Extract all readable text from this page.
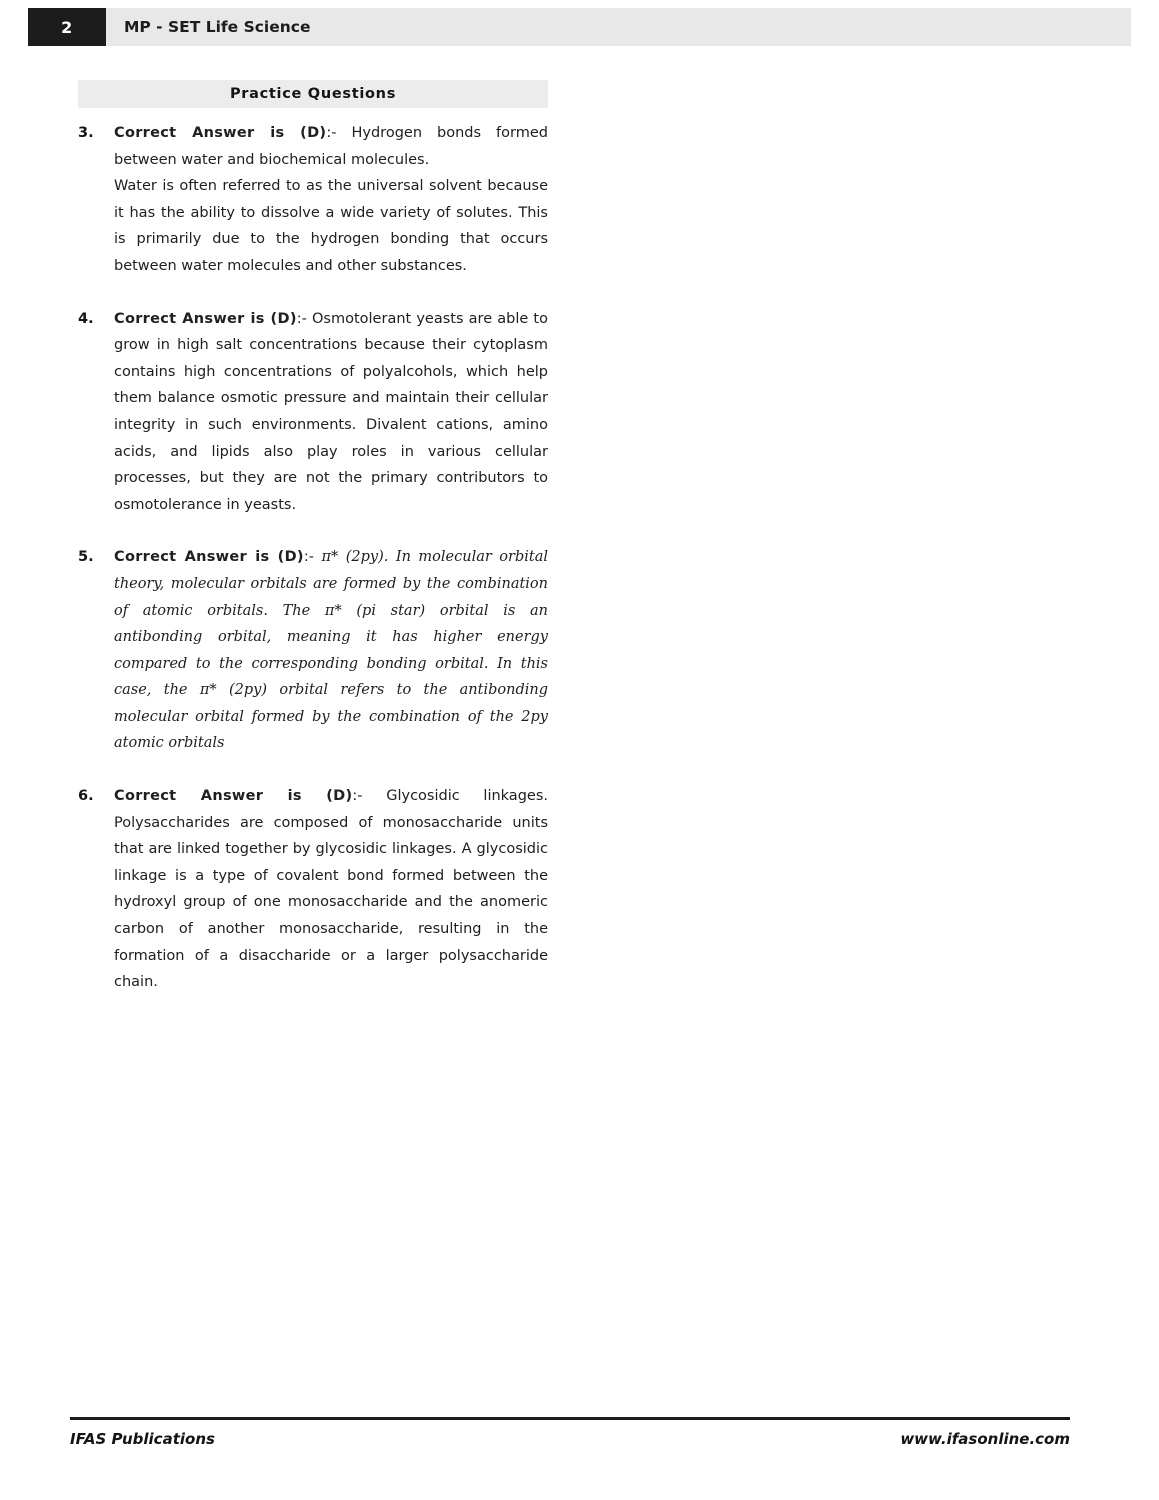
2	MP - SET Life Science
Practice Questions
3.	Correct Answer is (D):- Hydrogen bonds formed between water and biochemical molecules.

Water is often referred to as the universal solvent because it has the ability to dissolve a wide variety of solutes. This is primarily due to the hydrogen bonding that occurs between water molecules and other substances.

4.	Correct Answer is (D):- Osmotolerant yeasts are able to grow in high salt concentrations because their cytoplasm contains high concentrations of polyalcohols, which help them balance osmotic pressure and maintain their cellular integrity in such environments. Divalent cations, amino acids, and lipids also play roles in various cellular processes, but they are not the primary contributors to osmotolerance in yeasts.

5.	Correct Answer is (D):- π* (2py). In molecular orbital theory, molecular orbitals are formed by the combination of atomic orbitals. The π* (pi star) orbital is an antibonding orbital, meaning it has higher energy compared to the corresponding bonding orbital. In this case, the π* (2py) orbital refers to the antibonding molecular orbital formed by the combination of the 2py atomic orbitals

6.	Correct Answer is (D):- Glycosidic linkages. Polysaccharides are composed of monosaccharide units that are linked together by glycosidic linkages. A glycosidic linkage is a type of covalent bond formed between the hydroxyl group of one monosaccharide and the anomeric carbon of another monosaccharide, resulting in the formation of a disaccharide or a larger polysaccharide chain.

IFAS Publications	www.ifasonline.com
